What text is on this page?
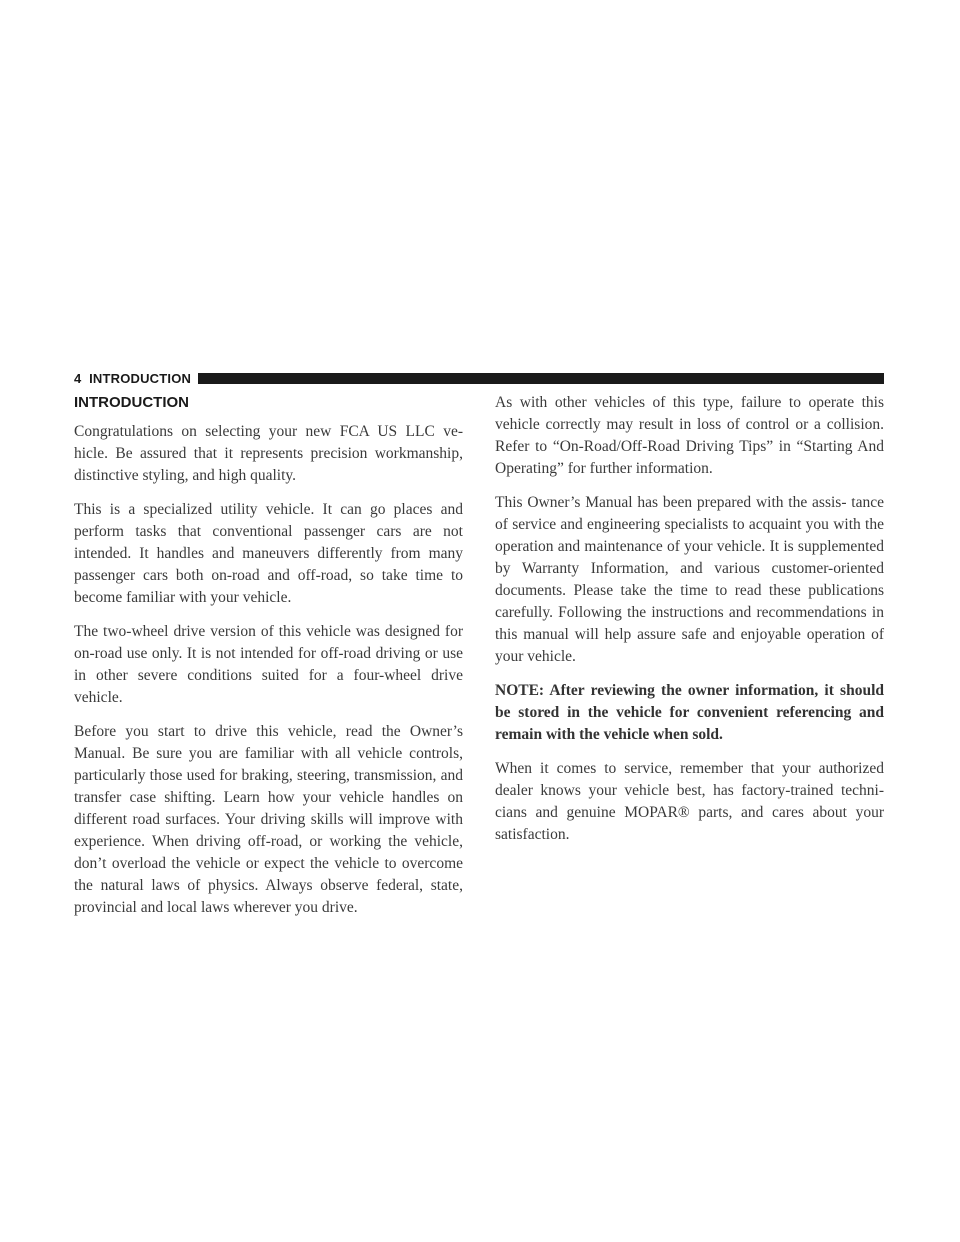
4 INTRODUCTION
INTRODUCTION

Congratulations on selecting your new FCA US LLC ve- hicle. Be assured that it represents precision workmanship, distinctive styling, and high quality.

This is a specialized utility vehicle. It can go places and perform tasks that conventional passenger cars are not intended. It handles and maneuvers differently from many passenger cars both on-road and off-road, so take time to become familiar with your vehicle.

The two-wheel drive version of this vehicle was designed for on-road use only. It is not intended for off-road driving or use in other severe conditions suited for a four-wheel drive vehicle.

Before you start to drive this vehicle, read the Owner’s Manual. Be sure you are familiar with all vehicle controls, particularly those used for braking, steering, transmission, and transfer case shifting. Learn how your vehicle handles on different road surfaces. Your driving skills will improve with experience. When driving off-road, or working the vehicle, don’t overload the vehicle or expect the vehicle to overcome the natural laws of physics. Always observe federal, state, provincial and local laws wherever you drive.

As with other vehicles of this type, failure to operate this vehicle correctly may result in loss of control or a collision. Refer to “On-Road/Off-Road Driving Tips” in “Starting And Operating” for further information.

This Owner’s Manual has been prepared with the assis- tance of service and engineering specialists to acquaint you with the operation and maintenance of your vehicle. It is supplemented by Warranty Information, and various customer-oriented documents. Please take the time to read these publications carefully. Following the instructions and recommendations in this manual will help assure safe and enjoyable operation of your vehicle.

NOTE: After reviewing the owner information, it should be stored in the vehicle for convenient referencing and remain with the vehicle when sold.

When it comes to service, remember that your authorized dealer knows your vehicle best, has factory-trained techni- cians and genuine MOPAR® parts, and cares about your satisfaction.
